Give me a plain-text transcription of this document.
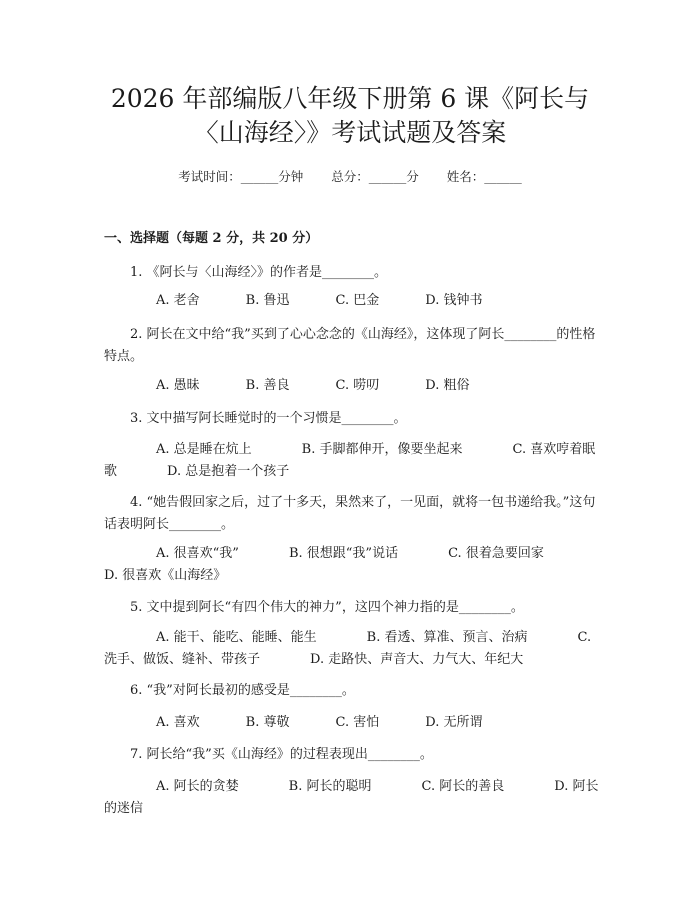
2026 年部编版八年级下册第 6 课《阿长与
〈山海经〉》考试试题及答案
考试时间：______分钟 总分：______分 姓名：______
一、选择题（每题 2 分，共 20 分）
1. 《阿长与〈山海经〉》的作者是________。
A. 老舍	B. 鲁迅	C. 巴金	D. 钱钟书
2. 阿长在文中给“我”买到了心心念念的《山海经》，这体现了阿长________的性格特点。
A. 愚昧	B. 善良	C. 唠叨	D. 粗俗
3. 文中描写阿长睡觉时的一个习惯是________。
A. 总是睡在炕上	B. 手脚都伸开，像要坐起来	C. 喜欢哼着眠歌	D. 总是抱着一个孩子
4. “她告假回家之后，过了十多天，果然来了，一见面，就将一包书递给我。”这句话表明阿长________。
A. 很喜欢“我”	B. 很想跟“我”说话	C. 很着急要回家D. 很喜欢《山海经》
5. 文中提到阿长“有四个伟大的神力”，这四个神力指的是________。
A. 能干、能吃、能睡、能生	B. 看透、算准、预言、治病	C. 洗手、做饭、缝补、带孩子	D. 走路快、声音大、力气大、年纪大
6. “我”对阿长最初的感受是________。
A. 喜欢	B. 尊敬	C. 害怕	D. 无所谓
7. 阿长给“我”买《山海经》的过程表现出________。
A. 阿长的贪婪	B. 阿长的聪明	C. 阿长的善良	D. 阿长的迷信
